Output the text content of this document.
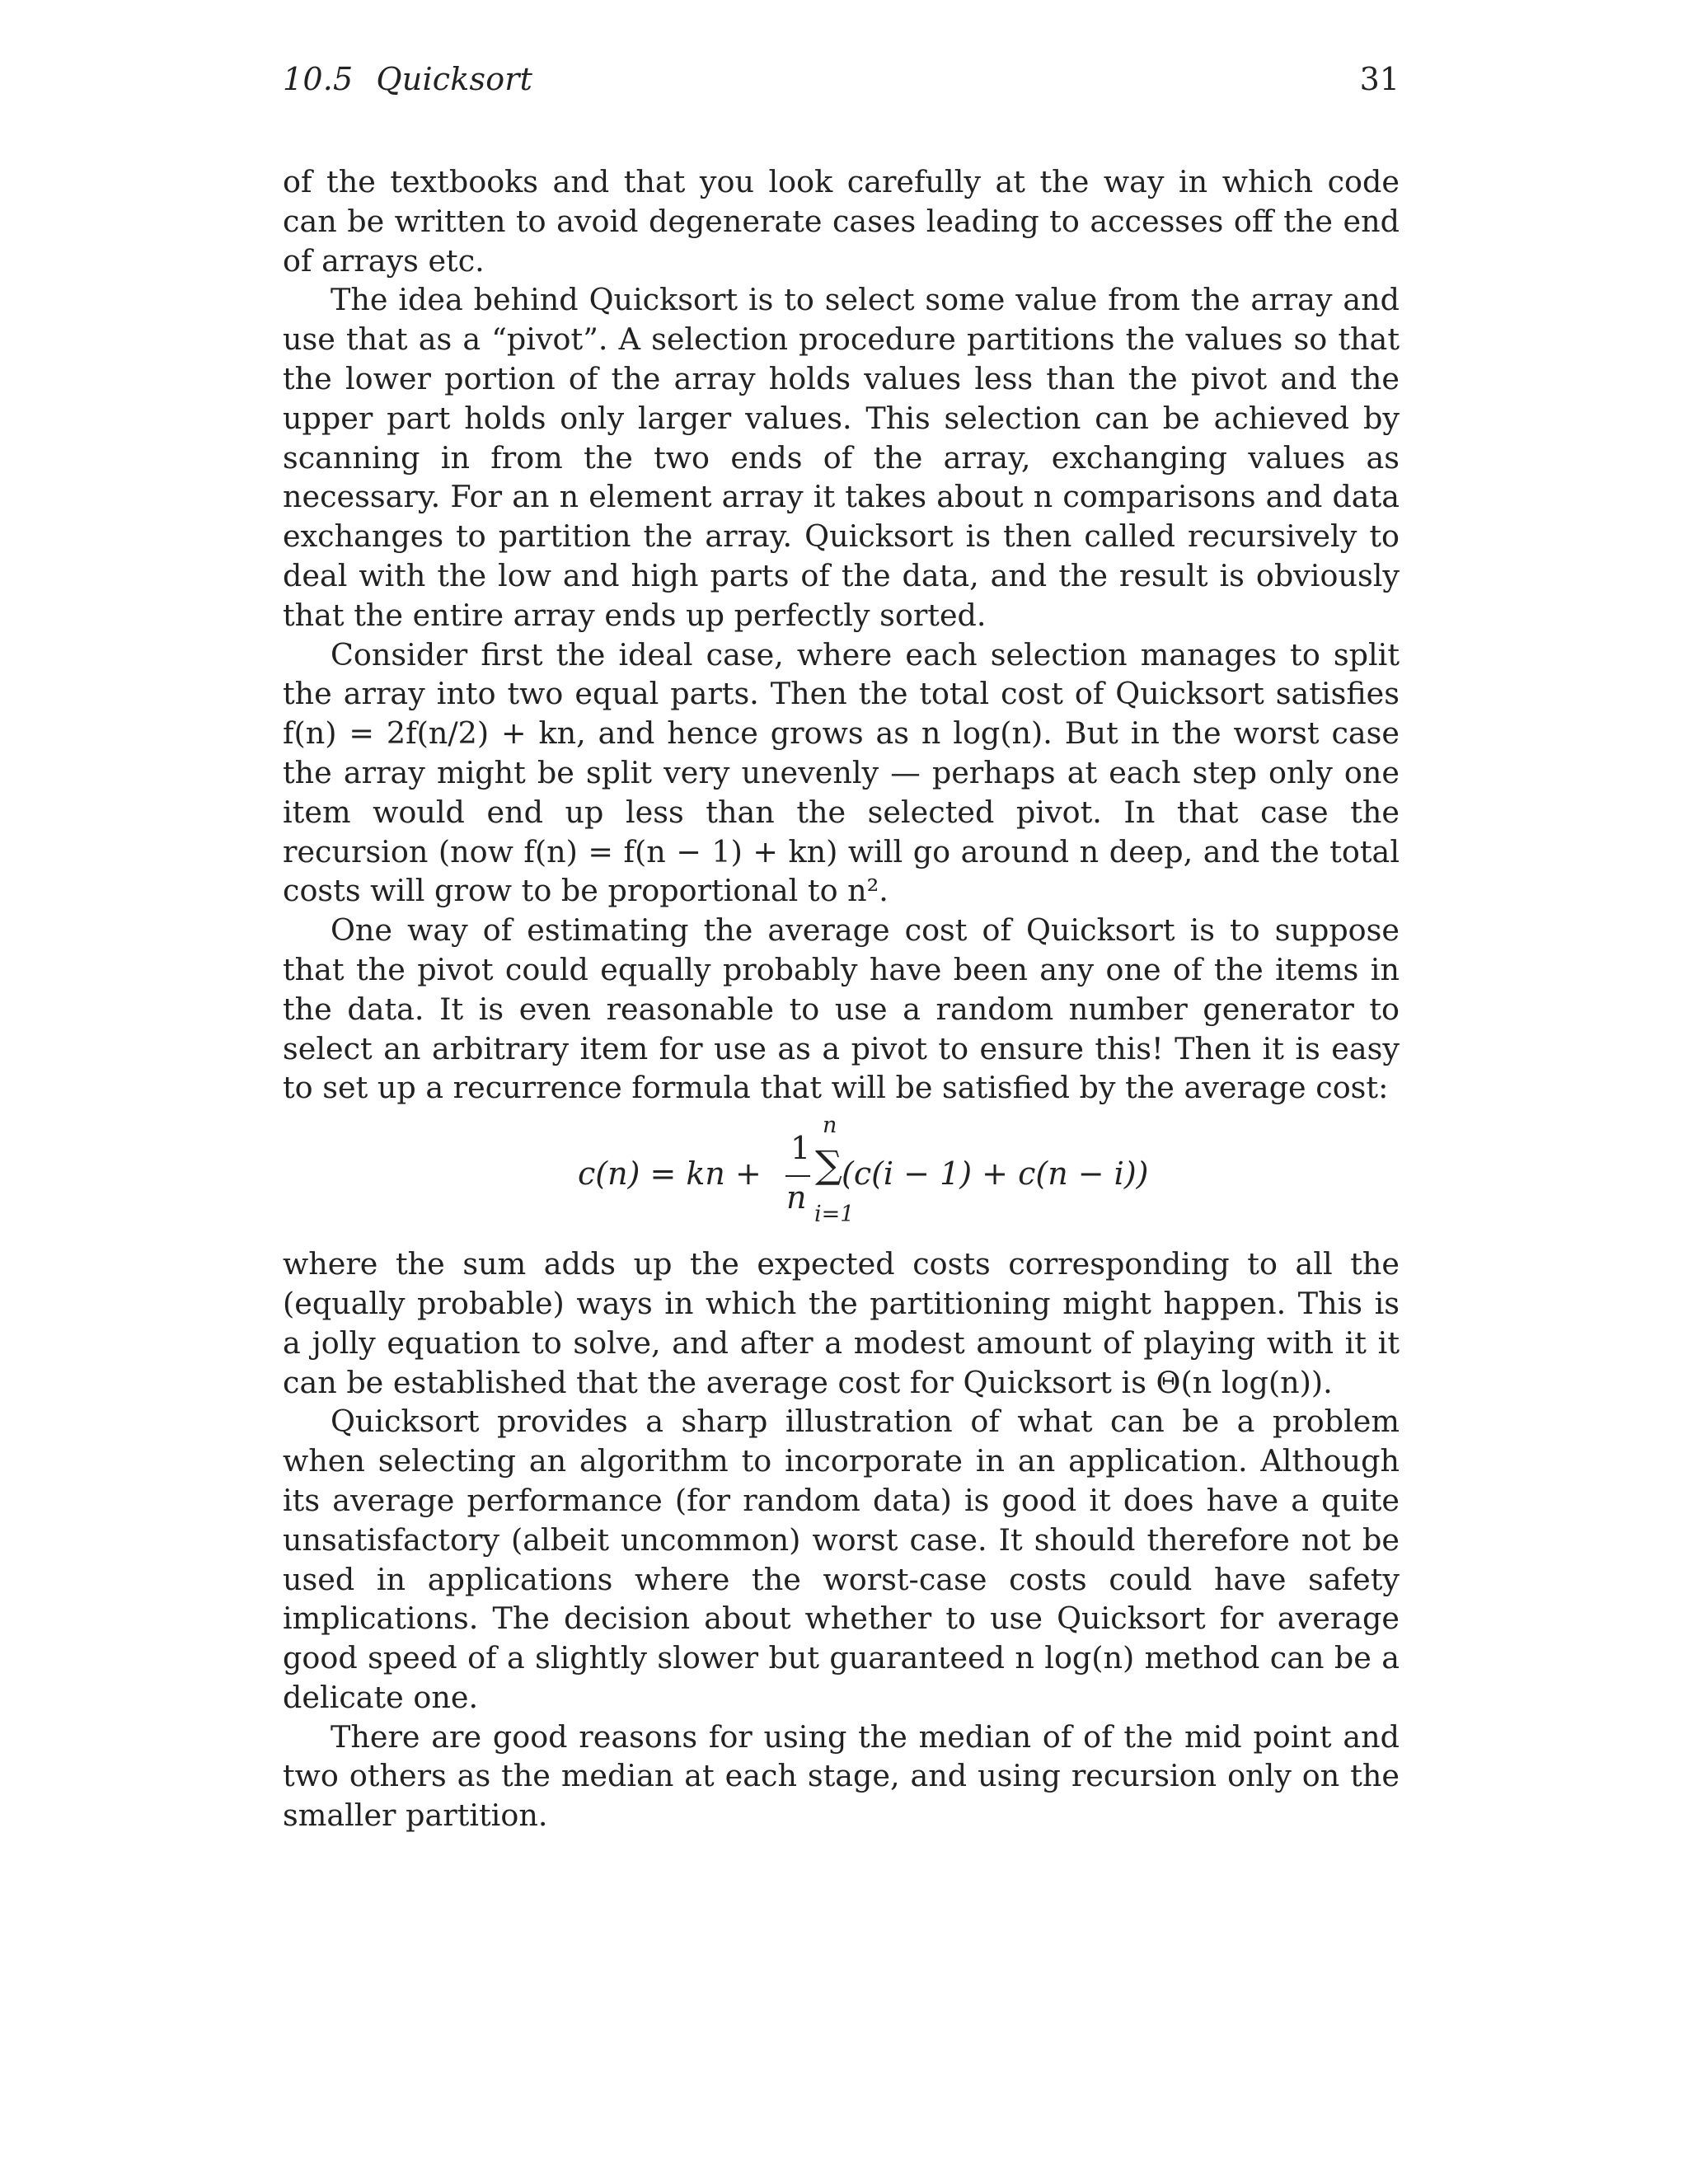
10.5 Quicksort	31

of the textbooks and that you look carefully at the way in which code can be written to avoid degenerate cases leading to accesses off the end of arrays etc.

The idea behind Quicksort is to select some value from the array and use that as a “pivot”. A selection procedure partitions the values so that the lower portion of the array holds values less than the pivot and the upper part holds only larger values. This selection can be achieved by scanning in from the two ends of the array, exchanging values as necessary. For an n element array it takes about n comparisons and data exchanges to partition the array. Quicksort is then called recursively to deal with the low and high parts of the data, and the result is obviously that the entire array ends up perfectly sorted.

Consider first the ideal case, where each selection manages to split the array into two equal parts. Then the total cost of Quicksort satisfies f(n) = 2f(n/2) + kn, and hence grows as n log(n). But in the worst case the array might be split very unevenly — perhaps at each step only one item would end up less than the selected pivot. In that case the recursion (now f(n) = f(n − 1) + kn) will go around n deep, and the total costs will grow to be proportional to n².

One way of estimating the average cost of Quicksort is to suppose that the pivot could equally probably have been any one of the items in the data. It is even reasonable to use a random number generator to select an arbitrary item for use as a pivot to ensure this! Then it is easy to set up a recurrence formula that will be satisfied by the average cost:

c(n) = kn +
1
n
n
∑
i=1
(c(i − 1) + c(n − i))

where the sum adds up the expected costs corresponding to all the (equally probable) ways in which the partitioning might happen. This is a jolly equation to solve, and after a modest amount of playing with it it can be established that the average cost for Quicksort is Θ(n log(n)).

Quicksort provides a sharp illustration of what can be a problem when selecting an algorithm to incorporate in an application. Although its average performance (for random data) is good it does have a quite unsatisfactory (albeit uncommon) worst case. It should therefore not be used in applications where the worst-case costs could have safety implications. The decision about whether to use Quicksort for average good speed of a slightly slower but guaranteed n log(n) method can be a delicate one.

There are good reasons for using the median of of the mid point and two others as the median at each stage, and using recursion only on the smaller partition.
